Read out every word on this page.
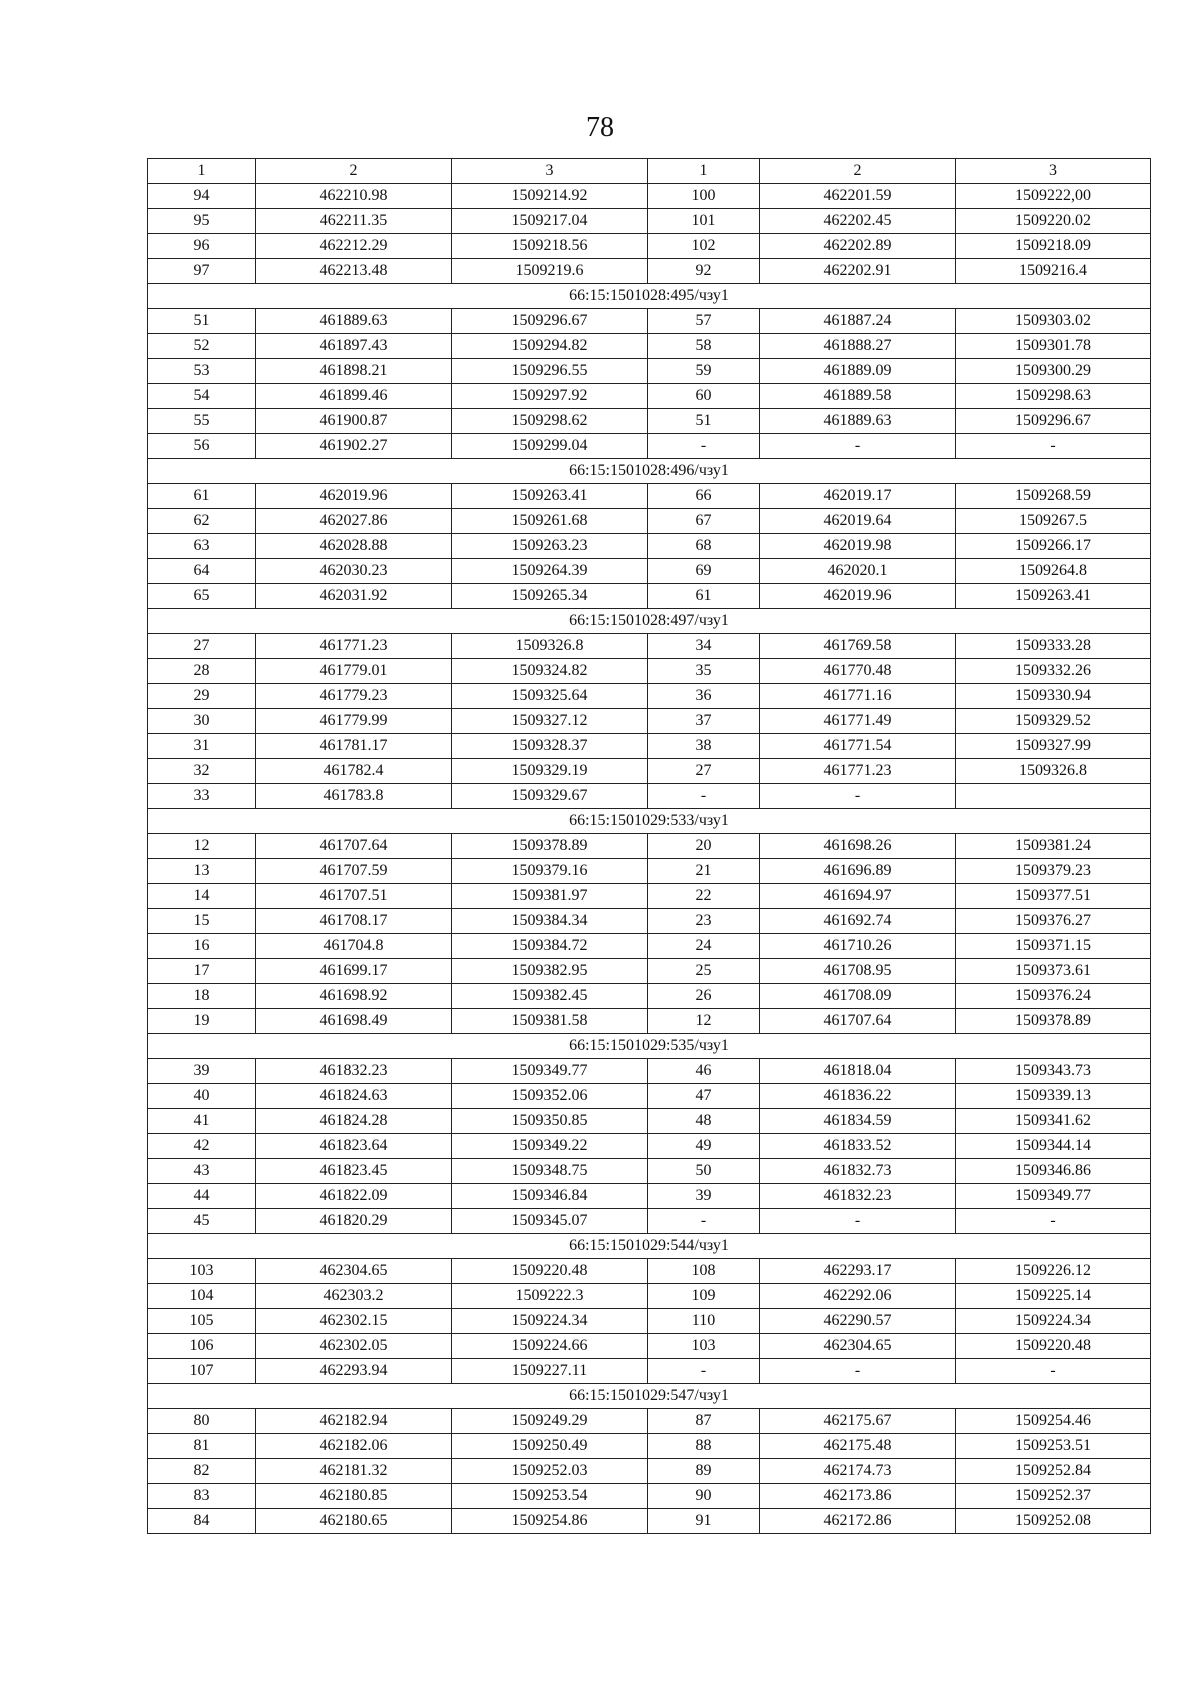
78
1	2	3	1	2	3
94	462210.98	1509214.92	100	462201.59	1509222,00
95	462211.35	1509217.04	101	462202.45	1509220.02
96	462212.29	1509218.56	102	462202.89	1509218.09
97	462213.48	1509219.6	92	462202.91	1509216.4
66:15:1501028:495/чзу1					
51	461889.63	1509296.67	57	461887.24	1509303.02
52	461897.43	1509294.82	58	461888.27	1509301.78
53	461898.21	1509296.55	59	461889.09	1509300.29
54	461899.46	1509297.92	60	461889.58	1509298.63
55	461900.87	1509298.62	51	461889.63	1509296.67
56	461902.27	1509299.04	-	-	-
66:15:1501028:496/чзу1					
61	462019.96	1509263.41	66	462019.17	1509268.59
62	462027.86	1509261.68	67	462019.64	1509267.5
63	462028.88	1509263.23	68	462019.98	1509266.17
64	462030.23	1509264.39	69	462020.1	1509264.8
65	462031.92	1509265.34	61	462019.96	1509263.41
66:15:1501028:497/чзу1					
27	461771.23	1509326.8	34	461769.58	1509333.28
28	461779.01	1509324.82	35	461770.48	1509332.26
29	461779.23	1509325.64	36	461771.16	1509330.94
30	461779.99	1509327.12	37	461771.49	1509329.52
31	461781.17	1509328.37	38	461771.54	1509327.99
32	461782.4	1509329.19	27	461771.23	1509326.8
33	461783.8	1509329.67	-	-	
66:15:1501029:533/чзу1					
12	461707.64	1509378.89	20	461698.26	1509381.24
13	461707.59	1509379.16	21	461696.89	1509379.23
14	461707.51	1509381.97	22	461694.97	1509377.51
15	461708.17	1509384.34	23	461692.74	1509376.27
16	461704.8	1509384.72	24	461710.26	1509371.15
17	461699.17	1509382.95	25	461708.95	1509373.61
18	461698.92	1509382.45	26	461708.09	1509376.24
19	461698.49	1509381.58	12	461707.64	1509378.89
66:15:1501029:535/чзу1					
39	461832.23	1509349.77	46	461818.04	1509343.73
40	461824.63	1509352.06	47	461836.22	1509339.13
41	461824.28	1509350.85	48	461834.59	1509341.62
42	461823.64	1509349.22	49	461833.52	1509344.14
43	461823.45	1509348.75	50	461832.73	1509346.86
44	461822.09	1509346.84	39	461832.23	1509349.77
45	461820.29	1509345.07	-	-	-
66:15:1501029:544/чзу1					
103	462304.65	1509220.48	108	462293.17	1509226.12
104	462303.2	1509222.3	109	462292.06	1509225.14
105	462302.15	1509224.34	110	462290.57	1509224.34
106	462302.05	1509224.66	103	462304.65	1509220.48
107	462293.94	1509227.11	-	-	-
66:15:1501029:547/чзу1					
80	462182.94	1509249.29	87	462175.67	1509254.46
81	462182.06	1509250.49	88	462175.48	1509253.51
82	462181.32	1509252.03	89	462174.73	1509252.84
83	462180.85	1509253.54	90	462173.86	1509252.37
84	462180.65	1509254.86	91	462172.86	1509252.08
